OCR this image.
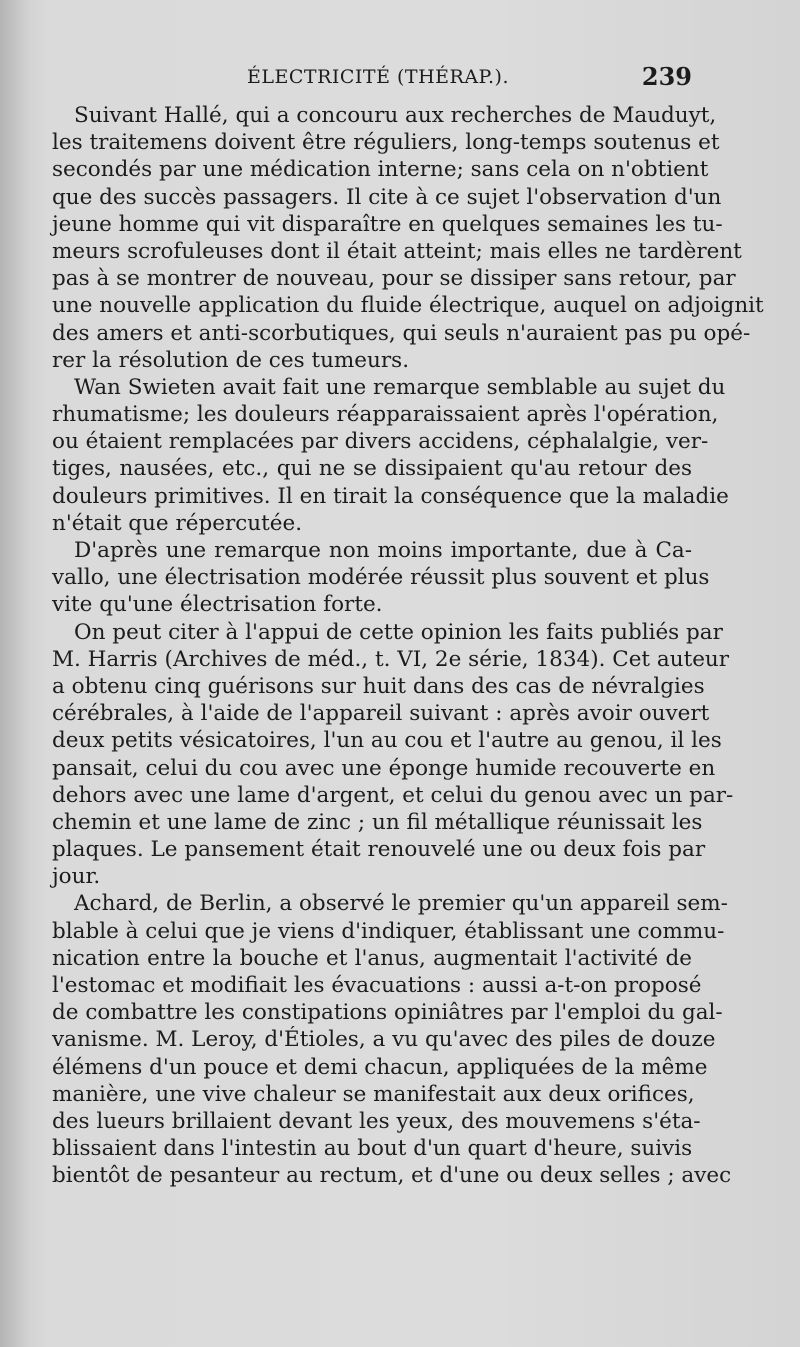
ÉLECTRICITÉ (THÉRAP.).	239
Suivant Hallé, qui a concouru aux recherches de Mauduyt,
les traitemens doivent être réguliers, long-temps soutenus et
secondés par une médication interne; sans cela on n'obtient
que des succès passagers. Il cite à ce sujet l'observation d'un
jeune homme qui vit disparaître en quelques semaines les tu-
meurs scrofuleuses dont il était atteint; mais elles ne tardèrent
pas à se montrer de nouveau, pour se dissiper sans retour, par
une nouvelle application du fluide électrique, auquel on adjoignit
des amers et anti-scorbutiques, qui seuls n'auraient pas pu opé-
rer la résolution de ces tumeurs.
Wan Swieten avait fait une remarque semblable au sujet du
rhumatisme; les douleurs réapparaissaient après l'opération,
ou étaient remplacées par divers accidens, céphalalgie, ver-
tiges, nausées, etc., qui ne se dissipaient qu'au retour des
douleurs primitives. Il en tirait la conséquence que la maladie
n'était que répercutée.
D'après une remarque non moins importante, due à Ca-
vallo, une électrisation modérée réussit plus souvent et plus
vite qu'une électrisation forte.
On peut citer à l'appui de cette opinion les faits publiés par
M. Harris (Archives de méd., t. VI, 2e série, 1834). Cet auteur
a obtenu cinq guérisons sur huit dans des cas de névralgies
cérébrales, à l'aide de l'appareil suivant : après avoir ouvert
deux petits vésicatoires, l'un au cou et l'autre au genou, il les
pansait, celui du cou avec une éponge humide recouverte en
dehors avec une lame d'argent, et celui du genou avec un par-
chemin et une lame de zinc ; un fil métallique réunissait les
plaques. Le pansement était renouvelé une ou deux fois par
jour.
Achard, de Berlin, a observé le premier qu'un appareil sem-
blable à celui que je viens d'indiquer, établissant une commu-
nication entre la bouche et l'anus, augmentait l'activité de
l'estomac et modifiait les évacuations : aussi a-t-on proposé
de combattre les constipations opiniâtres par l'emploi du gal-
vanisme. M. Leroy, d'Étioles, a vu qu'avec des piles de douze
élémens d'un pouce et demi chacun, appliquées de la même
manière, une vive chaleur se manifestait aux deux orifices,
des lueurs brillaient devant les yeux, des mouvemens s'éta-
blissaient dans l'intestin au bout d'un quart d'heure, suivis
bientôt de pesanteur au rectum, et d'une ou deux selles ; avec
